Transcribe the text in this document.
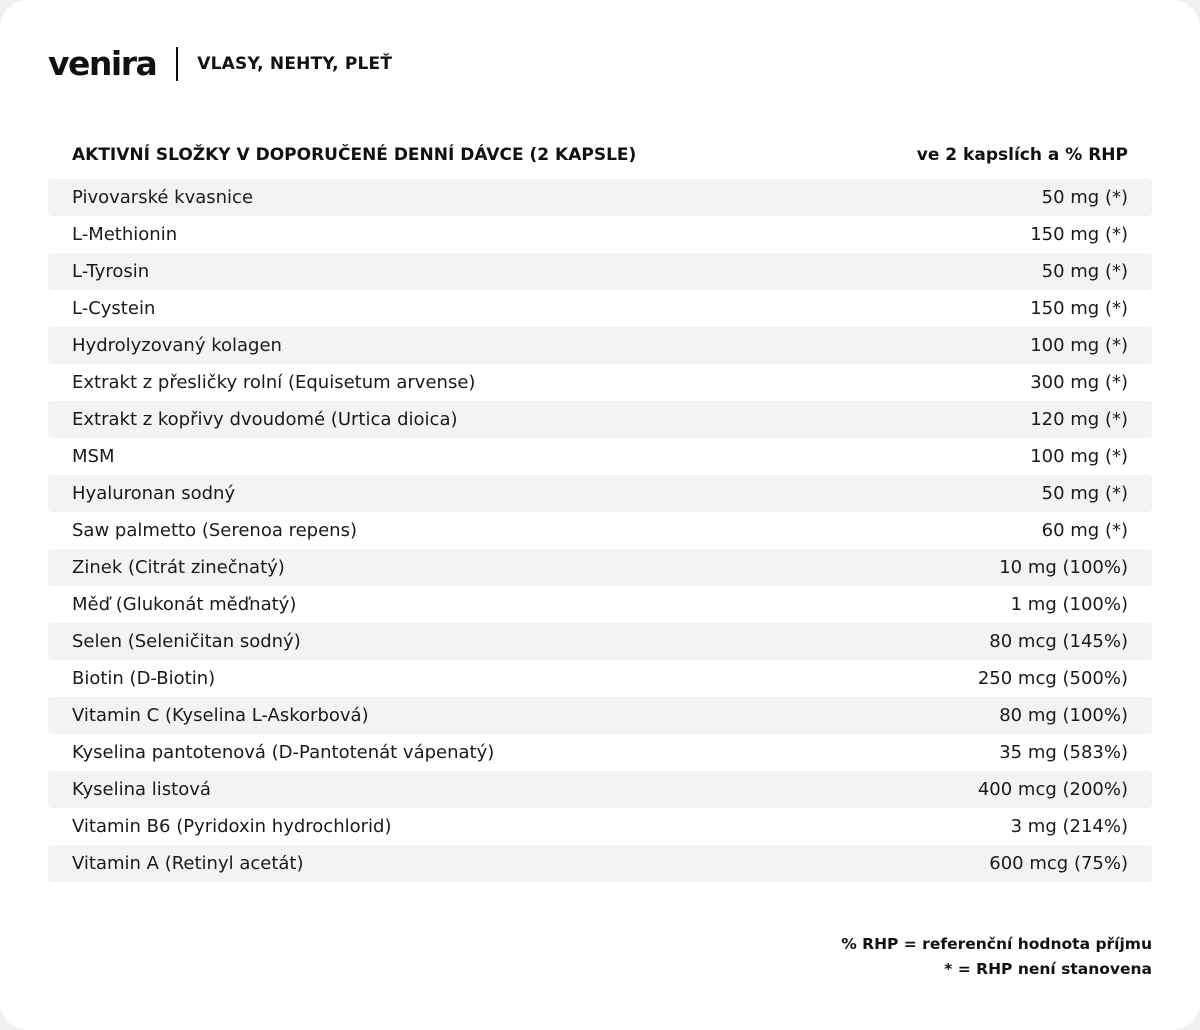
venira VLASY, NEHTY, PLEŤ
AKTIVNÍ SLOŽKY V DOPORUČENÉ DENNÍ DÁVCE (2 KAPSLE)	ve 2 kapslích a % RHP
Pivovarské kvasnice	50 mg (*)
L-Methionin	150 mg (*)
L-Tyrosin	50 mg (*)
L-Cystein	150 mg (*)
Hydrolyzovaný kolagen	100 mg (*)
Extrakt z přesličky rolní (Equisetum arvense)	300 mg (*)
Extrakt z kopřivy dvoudomé (Urtica dioica)	120 mg (*)
MSM	100 mg (*)
Hyaluronan sodný	50 mg (*)
Saw palmetto (Serenoa repens)	60 mg (*)
Zinek (Citrát zinečnatý)	10 mg (100%)
Měď (Glukonát měďnatý)	1 mg (100%)
Selen (Seleničitan sodný)	80 mcg (145%)
Biotin (D-Biotin)	250 mcg (500%)
Vitamin C (Kyselina L-Askorbová)	80 mg (100%)
Kyselina pantotenová (D-Pantotenát vápenatý)	35 mg (583%)
Kyselina listová	400 mcg (200%)
Vitamin B6 (Pyridoxin hydrochlorid)	3 mg (214%)
Vitamin A (Retinyl acetát)	600 mcg (75%)
% RHP = referenční hodnota příjmu
* = RHP není stanovena
